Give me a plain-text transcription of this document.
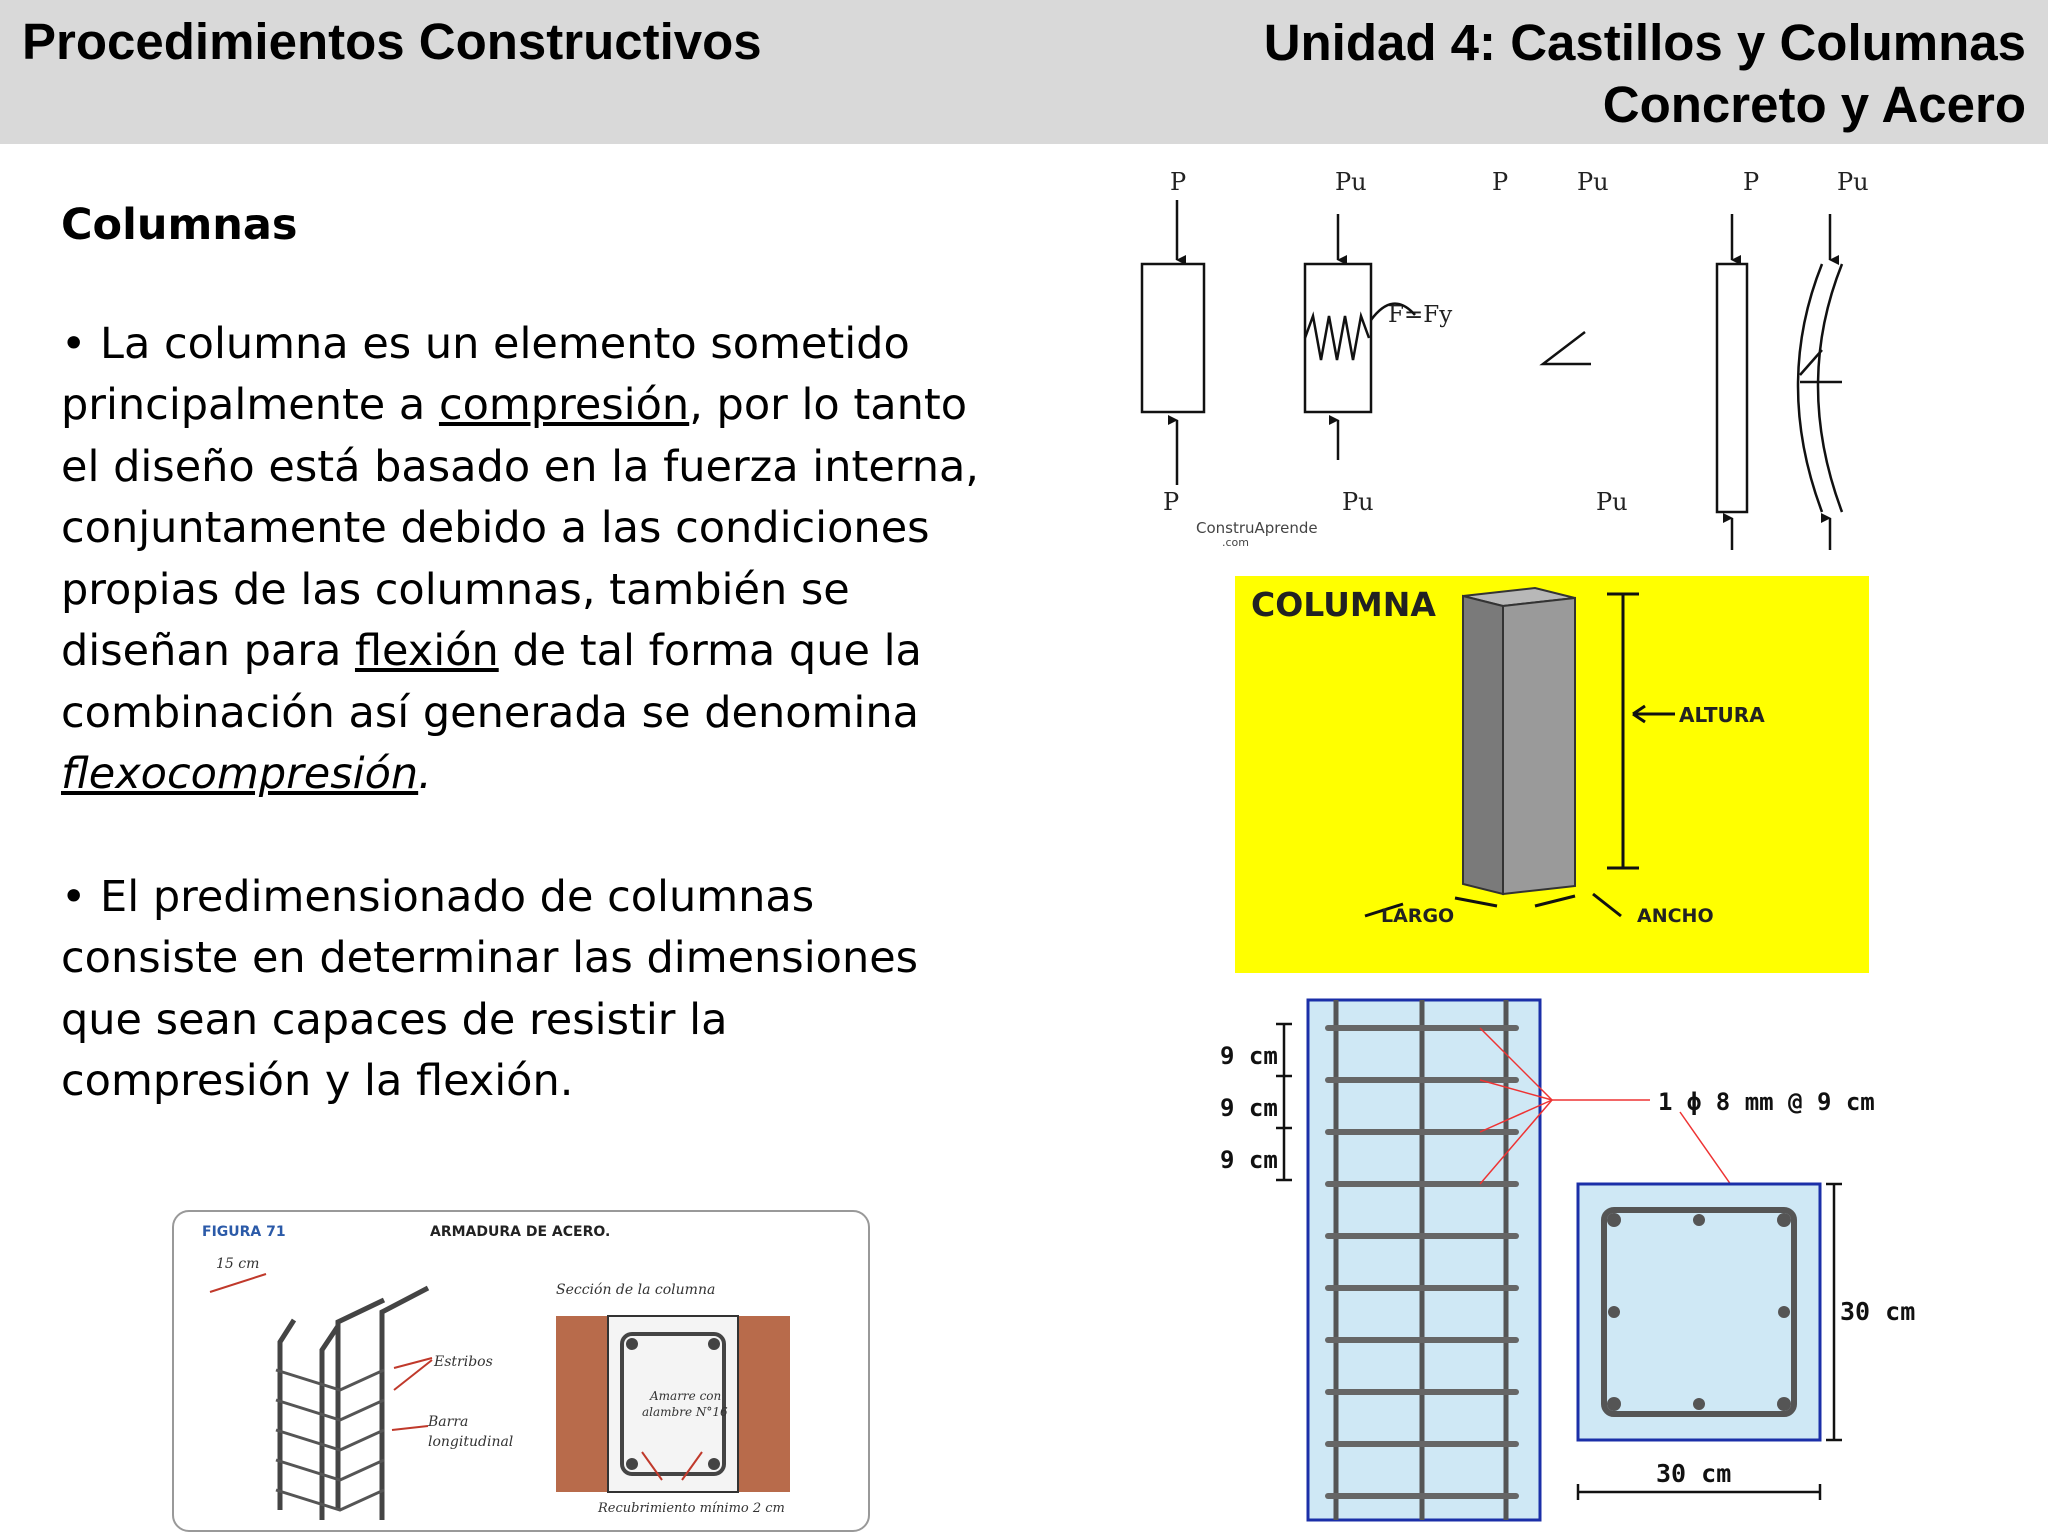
Procedimientos Constructivos	Unidad 4: Castillos y Columnas
Concreto y Acero
Columnas

• La columna es un elemento sometido principalmente a compresión, por lo tanto el diseño está basado en la fuerza interna, conjuntamente debido a las condiciones propias de las columnas, también se diseñan para flexión de tal forma que la combinación así generada se denomina flexocompresión.

• El predimensionado de columnas consiste en determinar las dimensiones que sean capaces de resistir la compresión y la flexión.

P	Pu	P	Pu	P	Pu
P	Pu	Pu
F=Fy
ConstruAprende
.com
COLUMNA
ALTURA
LARGO	ANCHO
9 cm
9 cm
9 cm
1 ϕ 8 mm @ 9 cm
30 cm
30 cm
FIGURA 71	ARMADURA DE ACERO.
15 cm
Estribos
Barra
longitudinal
Sección de la columna
Amarre con
alambre N°16
Recubrimiento mínimo 2 cm
